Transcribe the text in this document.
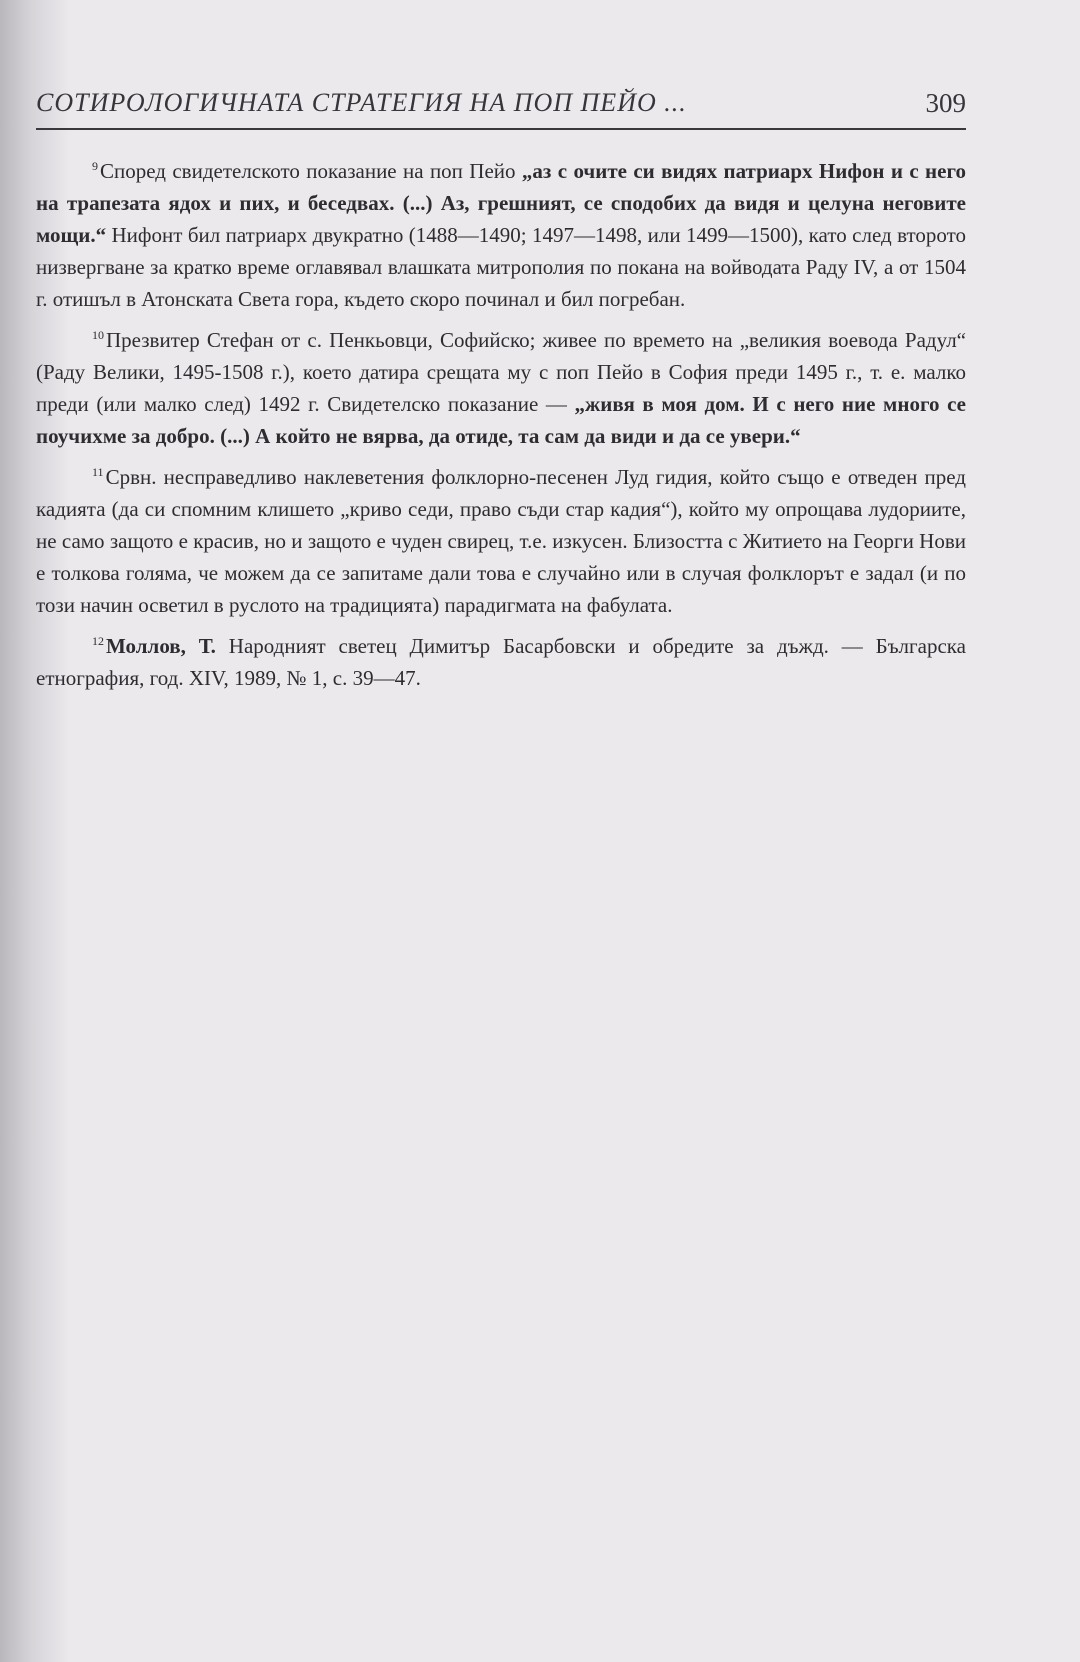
СОТИРОЛОГИЧНАТА СТРАТЕГИЯ НА ПОП ПЕЙО ...	309

$^9$Според свидетелското показание на поп Пейо „аз с очите си видях патриарх Нифон и с него на трапезата ядох и пих, и беседвах. (...) Аз, грешният, се сподобих да видя и целуна неговите мощи.“ Нифонт бил патриарх двукратно (1488—1490; 1497—1498, или 1499—1500), като след второто низвергване за кратко време оглавявал влашката митрополия по покана на войводата Раду IV, а от 1504 г. отишъл в Атонската Света гора, където скоро починал и бил погребан.

$^{10}$Презвитер Стефан от с. Пенкьовци, Софийско; живее по времето на „великия воевода Радул“ (Раду Велики, 1495-1508 г.), което датира срещата му с поп Пейо в София преди 1495 г., т. е. малко преди (или малко след) 1492 г. Свидетелско показание — „живя в моя дом. И с него ние много се поучихме за добро. (...) А който не вярва, да отиде, та сам да види и да се увери.“

$^{11}$Срвн. несправедливо наклеветения фолклорно-песенен Луд гидия, който също е отведен пред кадията (да си спомним клишето „криво седи, право съди стар кадия“), който му опрощава лудориите, не само защото е красив, но и защото е чуден свирец, т.е. изкусен. Близостта с Житието на Георги Нови е толкова голяма, че можем да се запитаме дали това е случайно или в случая фолклорът е задал (и по този начин осветил в руслото на традицията) парадигмата на фабулата.

$^{12}$Моллов, Т. Народният светец Димитър Басарбовски и обредите за дъжд. — Българска етнография, год. XIV, 1989, № 1, с. 39—47.
